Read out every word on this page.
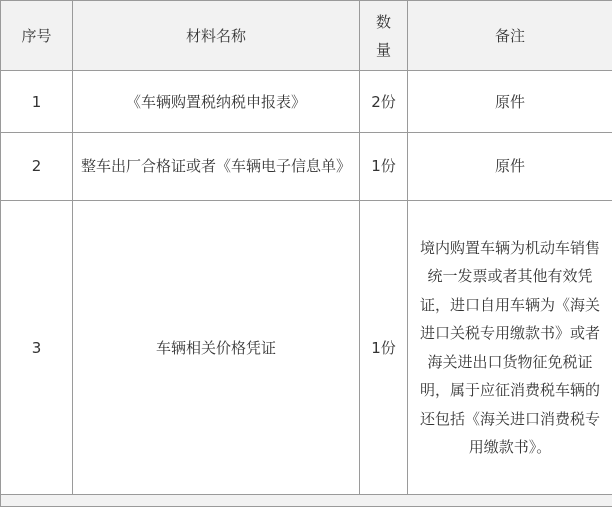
序号	材料名称	数量	备注
1	《车辆购置税纳税申报表》	2份	原件
2	整车出厂合格证或者《车辆电子信息单》	1份	原件
3	车辆相关价格凭证	1份	境内购置车辆为机动车销售统一发票或者其他有效凭证，进口自用车辆为《海关进口关税专用缴款书》或者海关进出口货物征免税证明，属于应征消费税车辆的还包括《海关进口消费税专用缴款书》。
